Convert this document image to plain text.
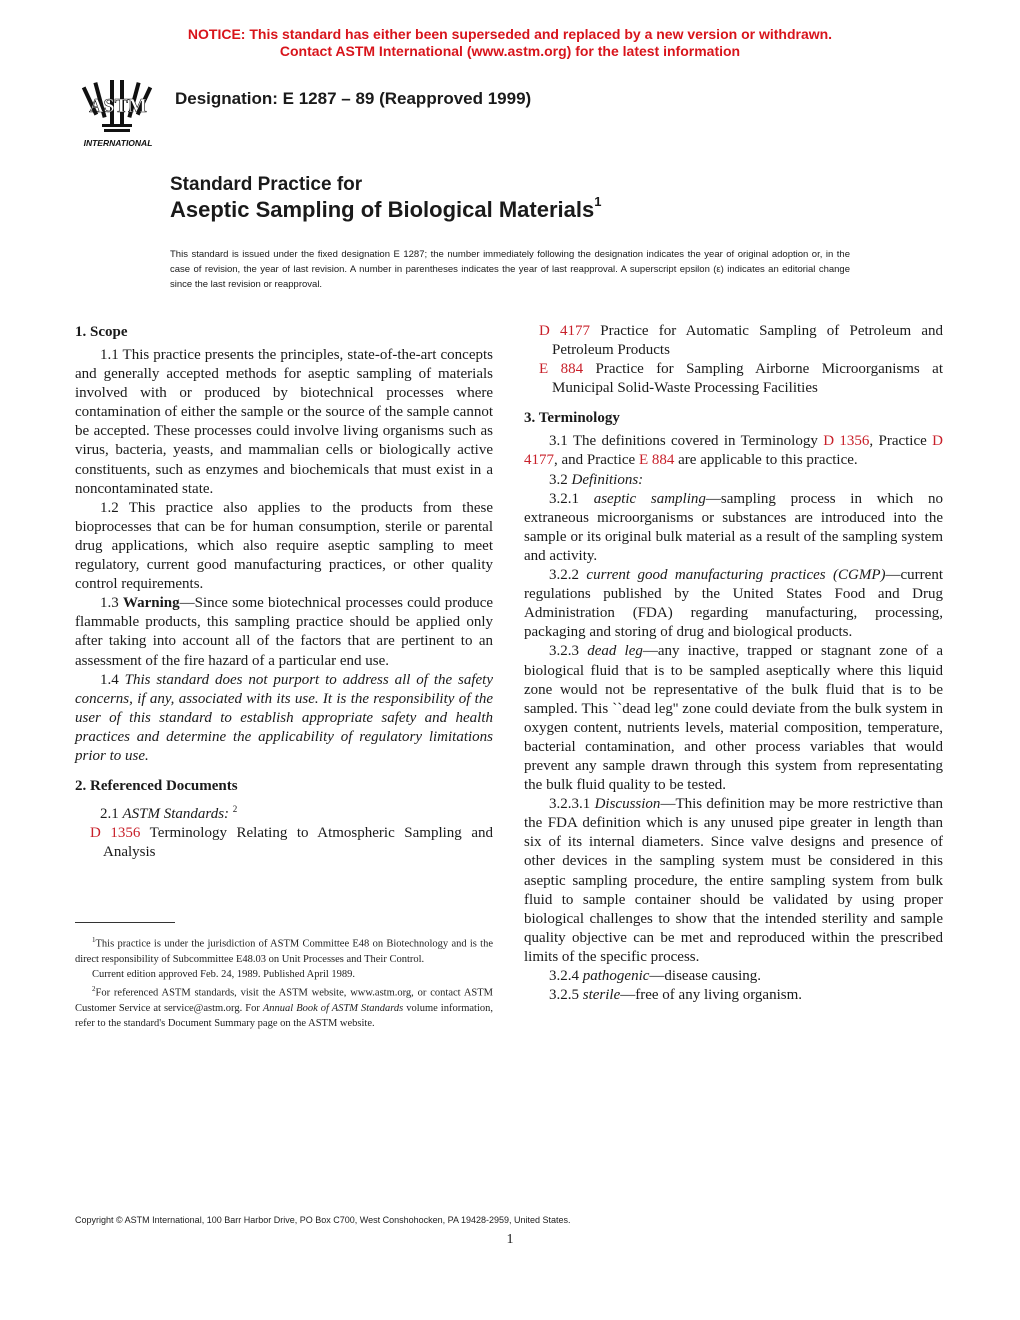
NOTICE: This standard has either been superseded and replaced by a new version or withdrawn.
Contact ASTM International (www.astm.org) for the latest information
ASTM
INTERNATIONAL
Designation: E 1287 – 89 (Reapproved 1999)
Standard Practice for
Aseptic Sampling of Biological Materials$^1$
This standard is issued under the fixed designation E 1287; the number immediately following the designation indicates the year of original adoption or, in the case of revision, the year of last revision. A number in parentheses indicates the year of last reapproval. A superscript epsilon (ε) indicates an editorial change since the last revision or reapproval.
1. Scope

1.1 This practice presents the principles, state-of-the-art concepts and generally accepted methods for aseptic sampling of materials involved with or produced by biotechnical processes where contamination of either the sample or the source of the sample cannot be accepted. These processes could involve living organisms such as virus, bacteria, yeasts, and mammalian cells or biologically active constituents, such as enzymes and biochemicals that must exist in a noncontaminated state.

1.2 This practice also applies to the products from these bioprocesses that can be for human consumption, sterile or parental drug applications, which also require aseptic sampling to meet regulatory, current good manufacturing practices, or other quality control requirements.

1.3 Warning—Since some biotechnical processes could produce flammable products, this sampling practice should be applied only after taking into account all of the factors that are pertinent to an assessment of the fire hazard of a particular end use.

1.4 This standard does not purport to address all of the safety concerns, if any, associated with its use. It is the responsibility of the user of this standard to establish appropriate safety and health practices and determine the applicability of regulatory limitations prior to use.

2. Referenced Documents

2.1 ASTM Standards: $^2$

D 1356 Terminology Relating to Atmospheric Sampling and Analysis

$^1$This practice is under the jurisdiction of ASTM Committee E48 on Biotechnology and is the direct responsibility of Subcommittee E48.03 on Unit Processes and Their Control.

Current edition approved Feb. 24, 1989. Published April 1989.

$^2$For referenced ASTM standards, visit the ASTM website, www.astm.org, or contact ASTM Customer Service at service@astm.org. For Annual Book of ASTM Standards volume information, refer to the standard's Document Summary page on the ASTM website.

D 4177 Practice for Automatic Sampling of Petroleum and Petroleum Products

E 884 Practice for Sampling Airborne Microorganisms at Municipal Solid-Waste Processing Facilities

3. Terminology

3.1 The definitions covered in Terminology D 1356, Practice D 4177, and Practice E 884 are applicable to this practice.

3.2 Definitions:

3.2.1 aseptic sampling—sampling process in which no extraneous microorganisms or substances are introduced into the sample or its original bulk material as a result of the sampling system and activity.

3.2.2 current good manufacturing practices (CGMP)—current regulations published by the United States Food and Drug Administration (FDA) regarding manufacturing, processing, packaging and storing of drug and biological products.

3.2.3 dead leg—any inactive, trapped or stagnant zone of a biological fluid that is to be sampled aseptically where this liquid zone would not be representative of the bulk fluid that is to be sampled. This ``dead leg'' zone could deviate from the bulk system in oxygen content, nutrients levels, material composition, temperature, bacterial contamination, and other process variables that would prevent any sample drawn through this system from representating the bulk fluid quality to be tested.

3.2.3.1 Discussion—This definition may be more restrictive than the FDA definition which is any unused pipe greater in length than six of its internal diameters. Since valve designs and presence of other devices in the sampling system must be considered in this aseptic sampling procedure, the entire sampling system from bulk fluid to sample container should be validated by using proper biological challenges to show that the intended sterility and sample quality objective can be met and reproduced within the prescribed limits of the specific process.

3.2.4 pathogenic—disease causing.

3.2.5 sterile—free of any living organism.

Copyright © ASTM International, 100 Barr Harbor Drive, PO Box C700, West Conshohocken, PA 19428-2959, United States.
1
